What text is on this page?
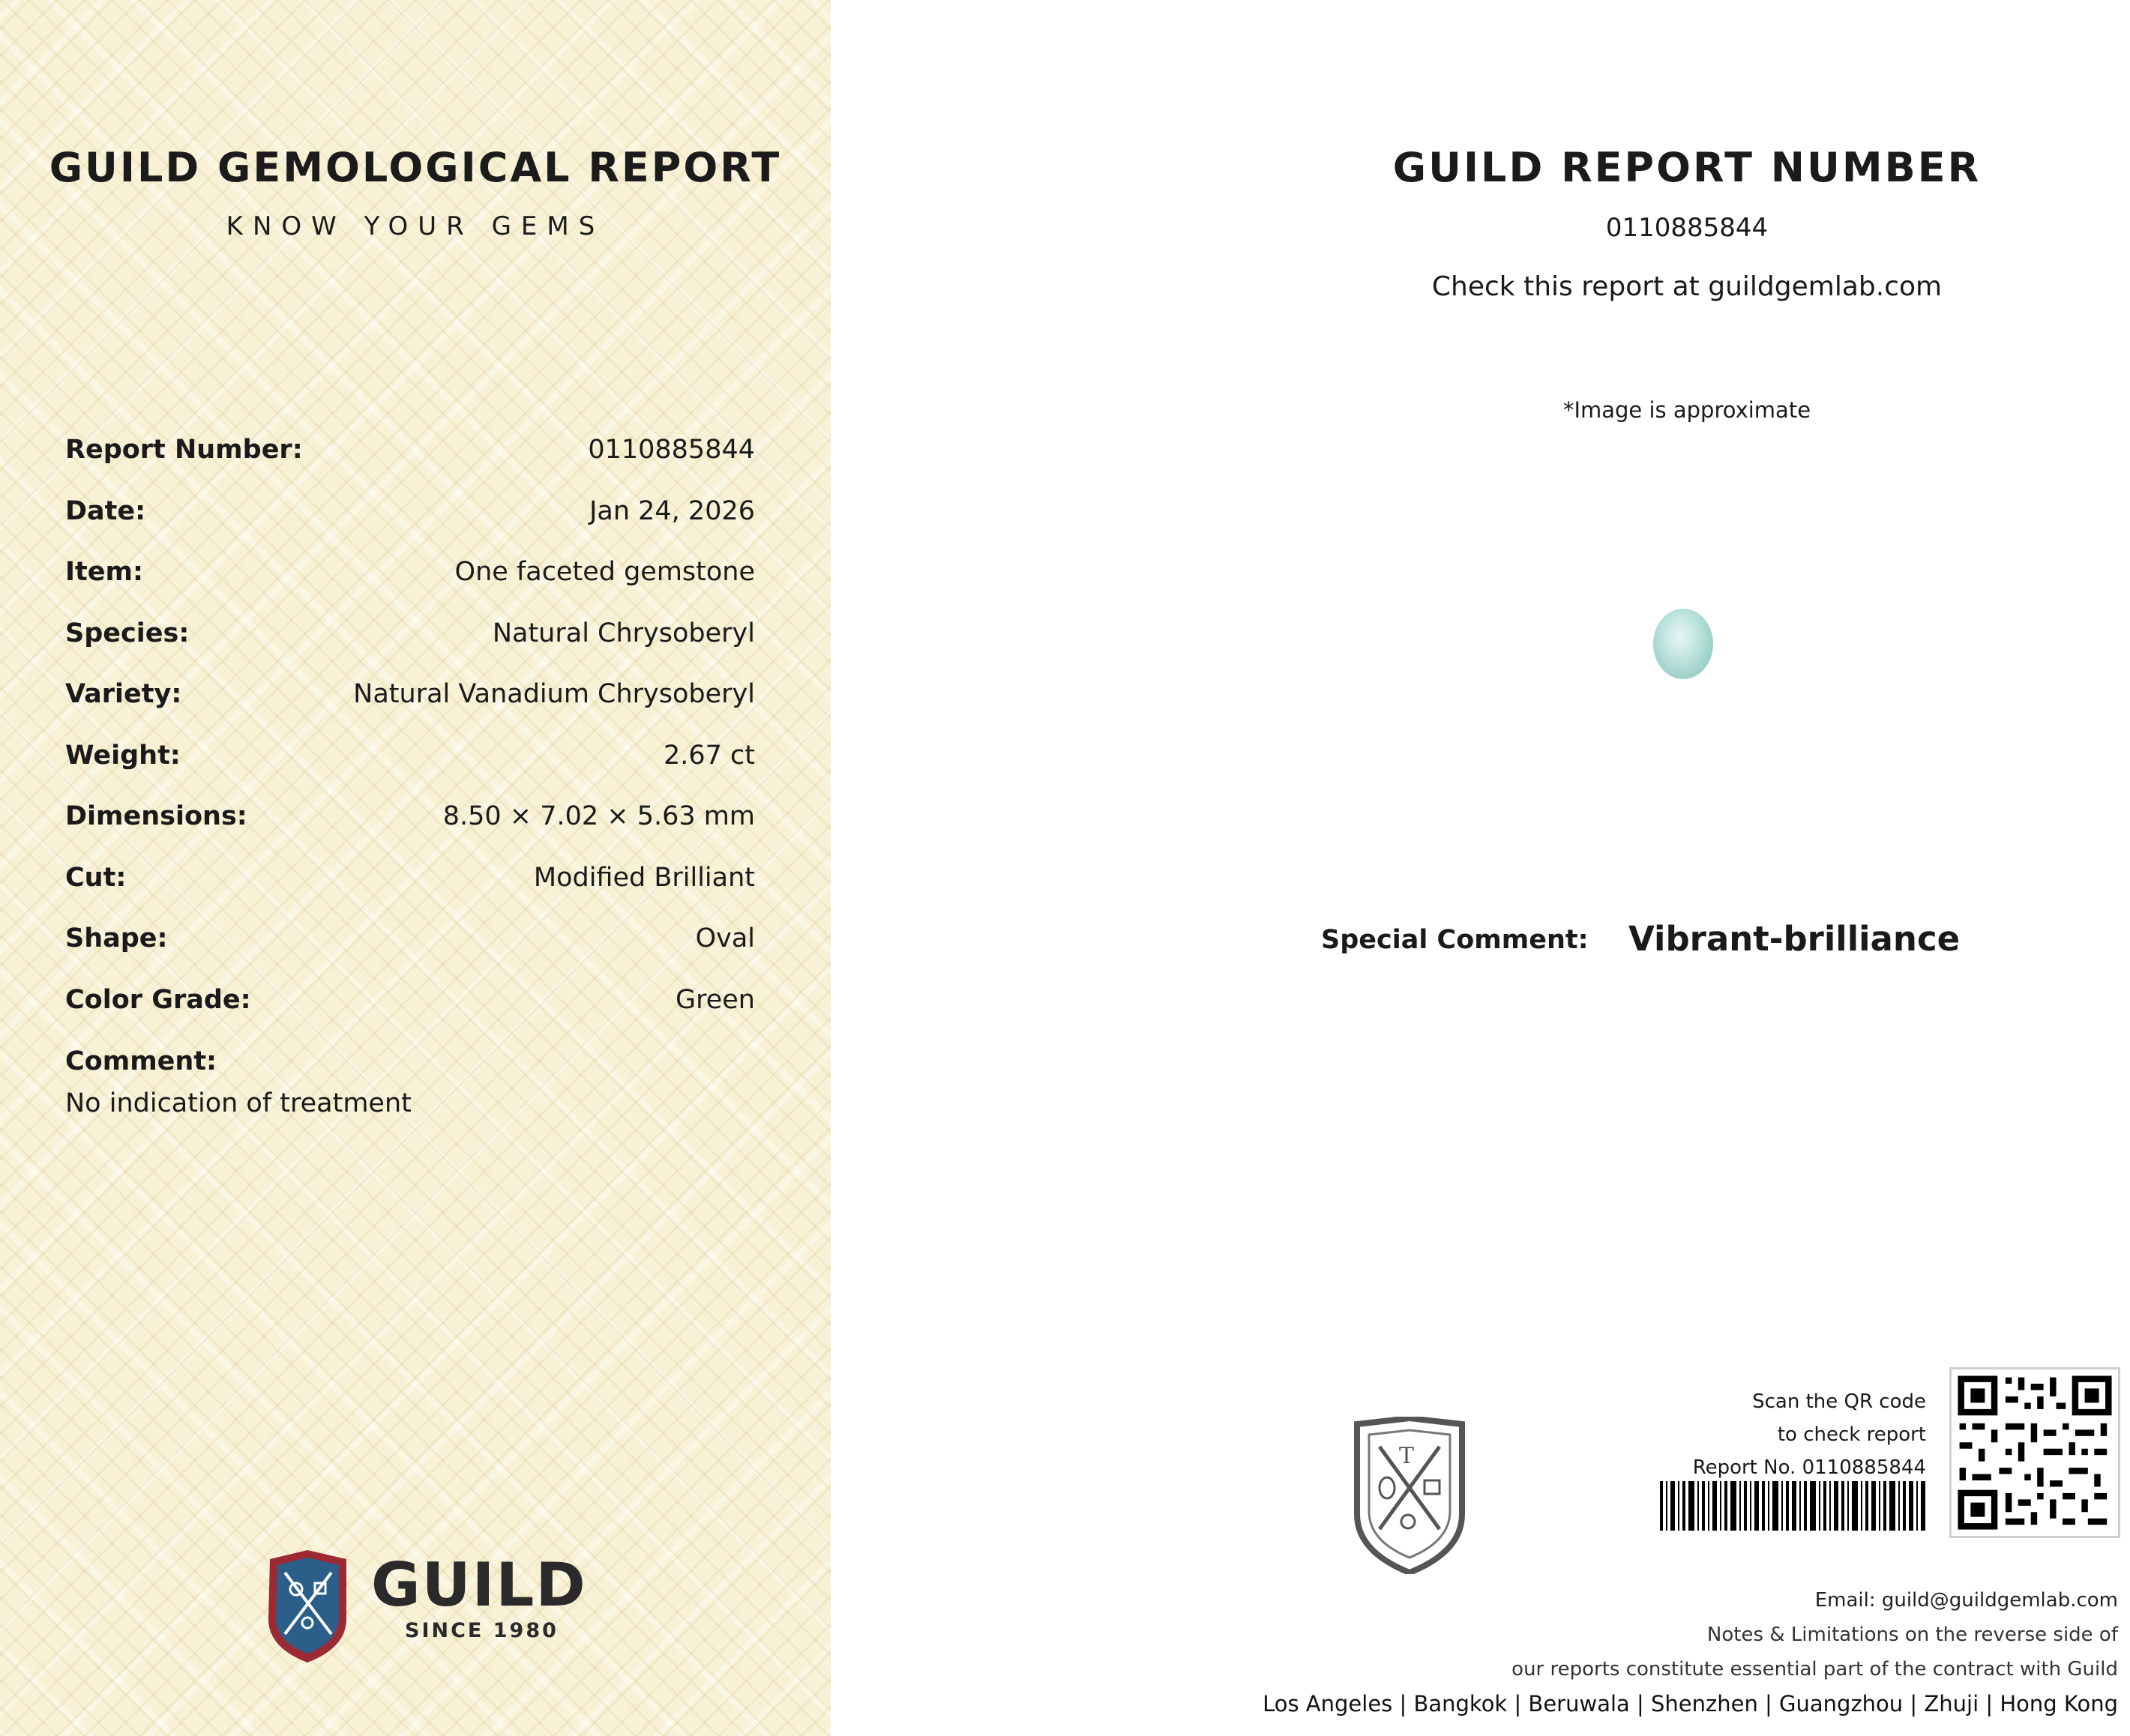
GUILD GEMOLOGICAL REPORT
KNOW YOUR GEMS
Report Number:	0110885844
Date:	Jan 24, 2026
Item:	One faceted gemstone
Species:	Natural Chrysoberyl
Variety:	Natural Vanadium Chrysoberyl
Weight:	2.67 ct
Dimensions:	8.50 × 7.02 × 5.63 mm
Cut:	Modified Brilliant
Shape:	Oval
Color Grade:	Green
Comment:
No indication of treatment
GUILD
SINCE 1980
GUILD REPORT NUMBER
0110885844
Check this report at guildgemlab.com
*Image is approximate
Special Comment: Vibrant-brilliance
T
Scan the QR code
to check report
Report No. 0110885844
Email: guild@guildgemlab.com
Notes & Limitations on the reverse side of
our reports constitute essential part of the contract with Guild
Los Angeles | Bangkok | Beruwala | Shenzhen | Guangzhou | Zhuji | Hong Kong
